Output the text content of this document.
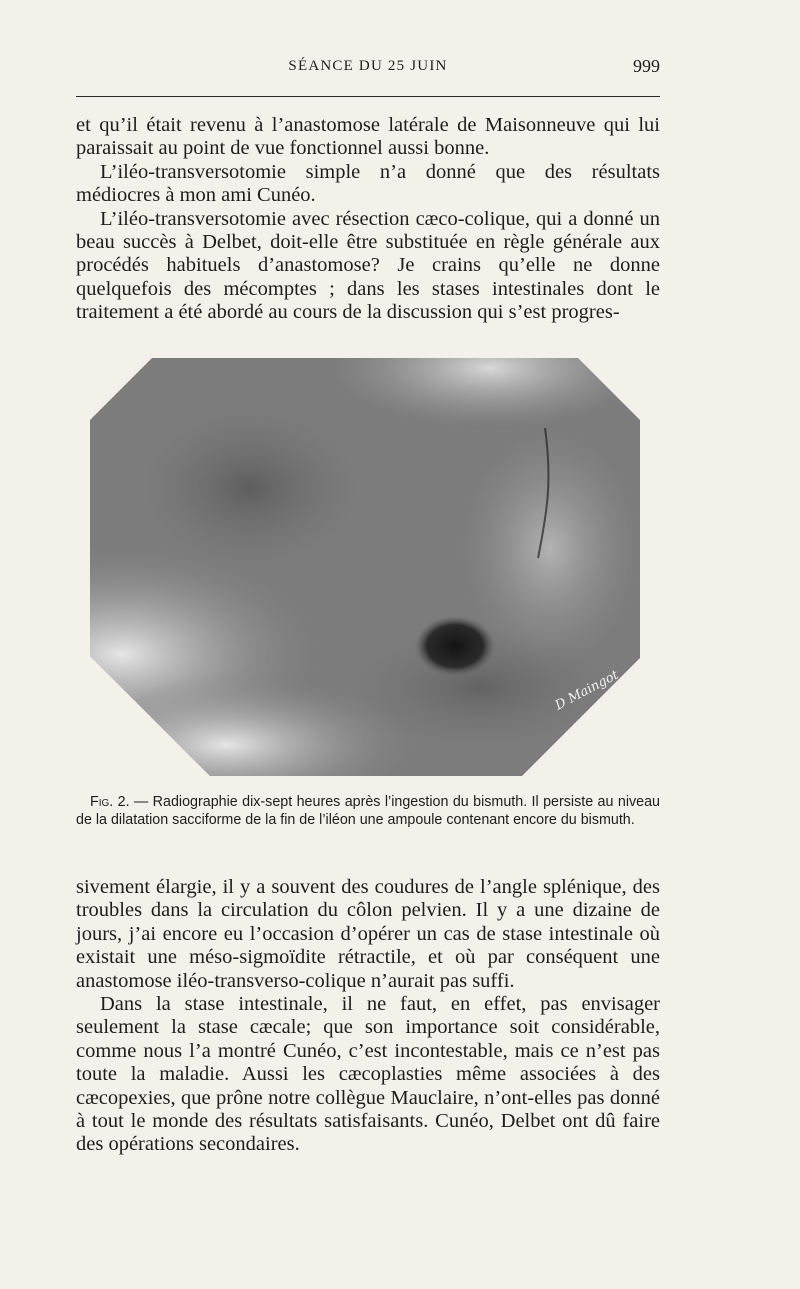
SÉANCE DU 25 JUIN	999

et qu’il était revenu à l’anastomose latérale de Maisonneuve qui lui paraissait au point de vue fonctionnel aussi bonne.

L’iléo-transversotomie simple n’a donné que des résultats médiocres à mon ami Cunéo.

L’iléo-transversotomie avec résection cæco-colique, qui a donné un beau succès à Delbet, doit-elle être substituée en règle générale aux procédés habituels d’anastomose? Je crains qu’elle ne donne quelquefois des mécomptes ; dans les stases intestinales dont le traitement a été abordé au cours de la discussion qui s’est progres-

D Maingot

Fig. 2. — Radiographie dix-sept heures après l’ingestion du bismuth. Il persiste au niveau de la dilatation sacciforme de la fin de l’iléon une ampoule contenant encore du bismuth.

sivement élargie, il y a souvent des coudures de l’angle splénique, des troubles dans la circulation du côlon pelvien. Il y a une dizaine de jours, j’ai encore eu l’occasion d’opérer un cas de stase intestinale où existait une méso-sigmoïdite rétractile, et où par conséquent une anastomose iléo-transverso-colique n’aurait pas suffi.

Dans la stase intestinale, il ne faut, en effet, pas envisager seulement la stase cæcale; que son importance soit considérable, comme nous l’a montré Cunéo, c’est incontestable, mais ce n’est pas toute la maladie. Aussi les cæcoplasties même associées à des cæcopexies, que prône notre collègue Mauclaire, n’ont-elles pas donné à tout le monde des résultats satisfaisants. Cunéo, Delbet ont dû faire des opérations secondaires.
